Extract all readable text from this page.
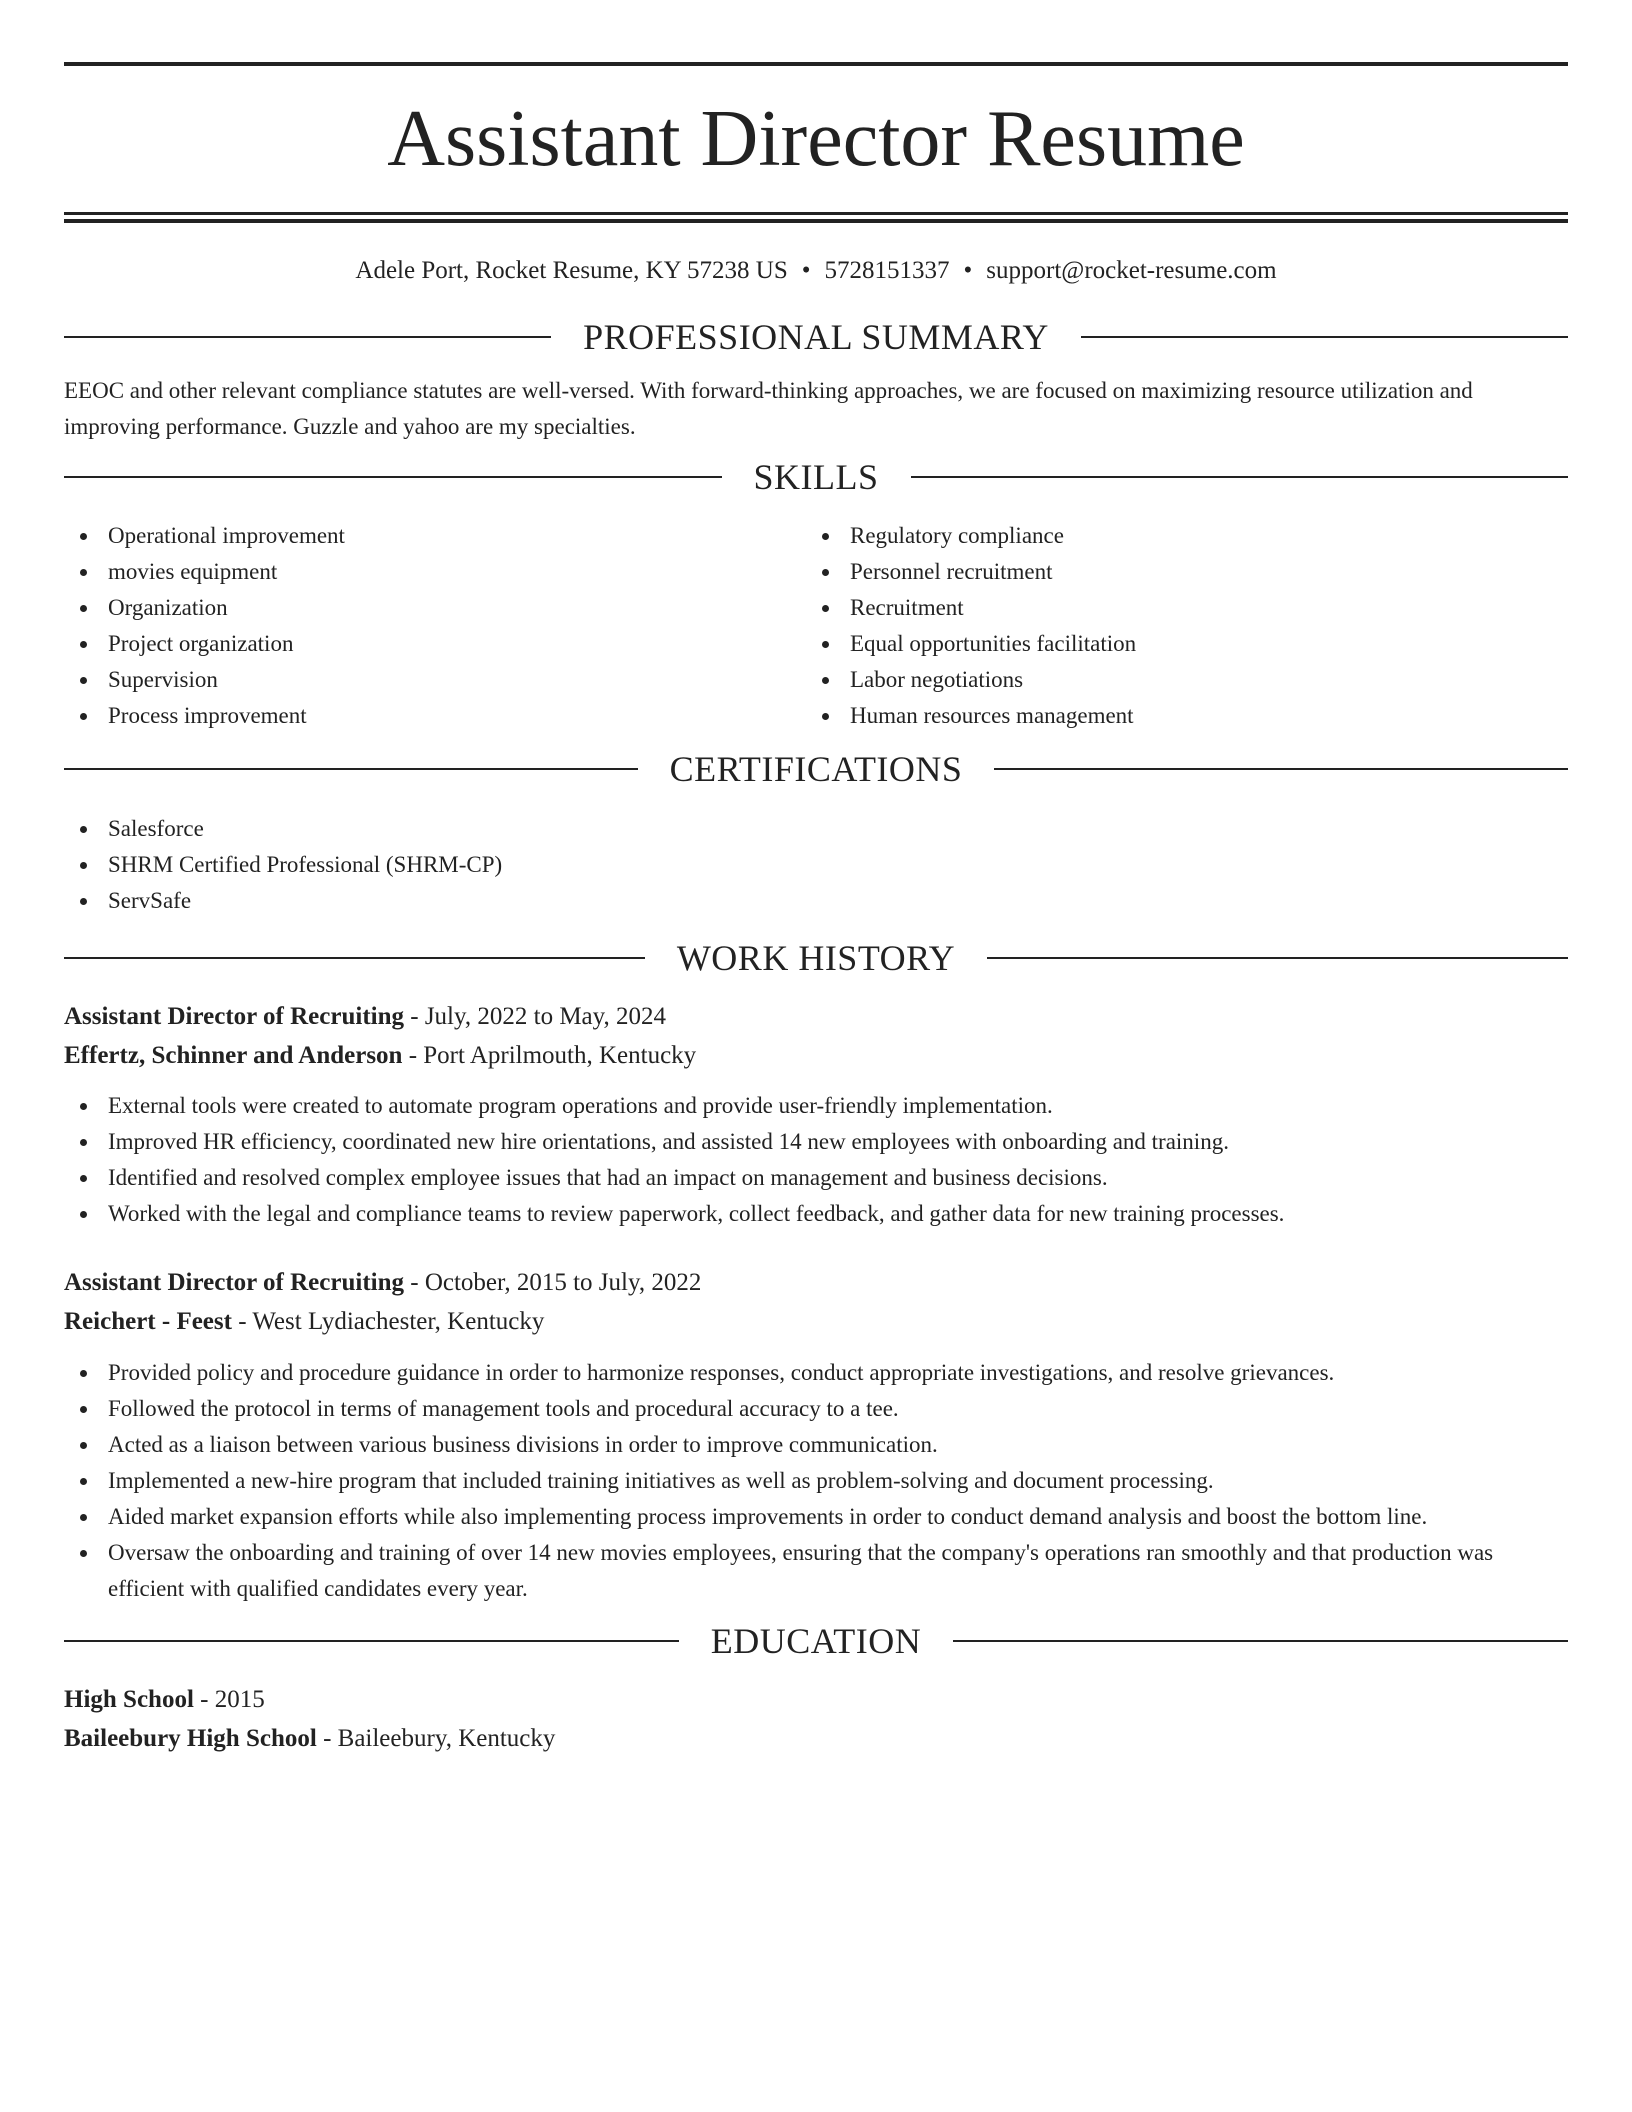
Assistant Director Resume
Adele Port, Rocket Resume, KY 57238 US • 5728151337 • support@rocket-resume.com
PROFESSIONAL SUMMARY
EEOC and other relevant compliance statutes are well-versed. With forward-thinking approaches, we are focused on maximizing resource utilization and improving performance. Guzzle and yahoo are my specialties.
SKILLS
Operational improvement
movies equipment
Organization
Project organization
Supervision
Process improvement
Regulatory compliance
Personnel recruitment
Recruitment
Equal opportunities facilitation
Labor negotiations
Human resources management
CERTIFICATIONS
Salesforce
SHRM Certified Professional (SHRM-CP)
ServSafe
WORK HISTORY
Assistant Director of Recruiting - July, 2022 to May, 2024
Effertz, Schinner and Anderson - Port Aprilmouth, Kentucky
External tools were created to automate program operations and provide user-friendly implementation.
Improved HR efficiency, coordinated new hire orientations, and assisted 14 new employees with onboarding and training.
Identified and resolved complex employee issues that had an impact on management and business decisions.
Worked with the legal and compliance teams to review paperwork, collect feedback, and gather data for new training processes.
Assistant Director of Recruiting - October, 2015 to July, 2022
Reichert - Feest - West Lydiachester, Kentucky
Provided policy and procedure guidance in order to harmonize responses, conduct appropriate investigations, and resolve grievances.
Followed the protocol in terms of management tools and procedural accuracy to a tee.
Acted as a liaison between various business divisions in order to improve communication.
Implemented a new-hire program that included training initiatives as well as problem-solving and document processing.
Aided market expansion efforts while also implementing process improvements in order to conduct demand analysis and boost the bottom line.
Oversaw the onboarding and training of over 14 new movies employees, ensuring that the company's operations ran smoothly and that production was efficient with qualified candidates every year.
EDUCATION
High School - 2015
Baileebury High School - Baileebury, Kentucky
